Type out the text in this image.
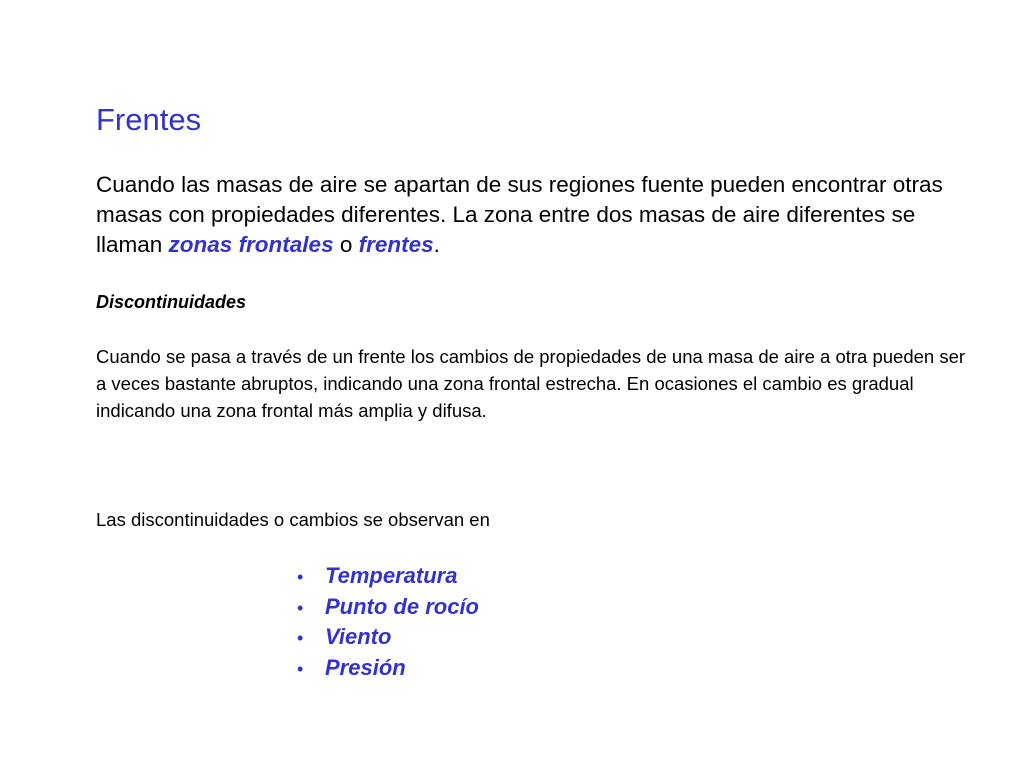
Frentes

Cuando las masas de aire se apartan de sus regiones fuente pueden encontrar otras masas con propiedades diferentes. La zona entre dos masas de aire diferentes se llaman zonas frontales o frentes.

Discontinuidades

Cuando se pasa a través de un frente los cambios de propiedades de una masa de aire a otra pueden ser a veces bastante abruptos, indicando una zona frontal estrecha. En ocasiones el cambio es gradual indicando una zona frontal más amplia y difusa.

Las discontinuidades o cambios se observan en

• Temperatura
• Punto de rocío
• Viento
• Presión
